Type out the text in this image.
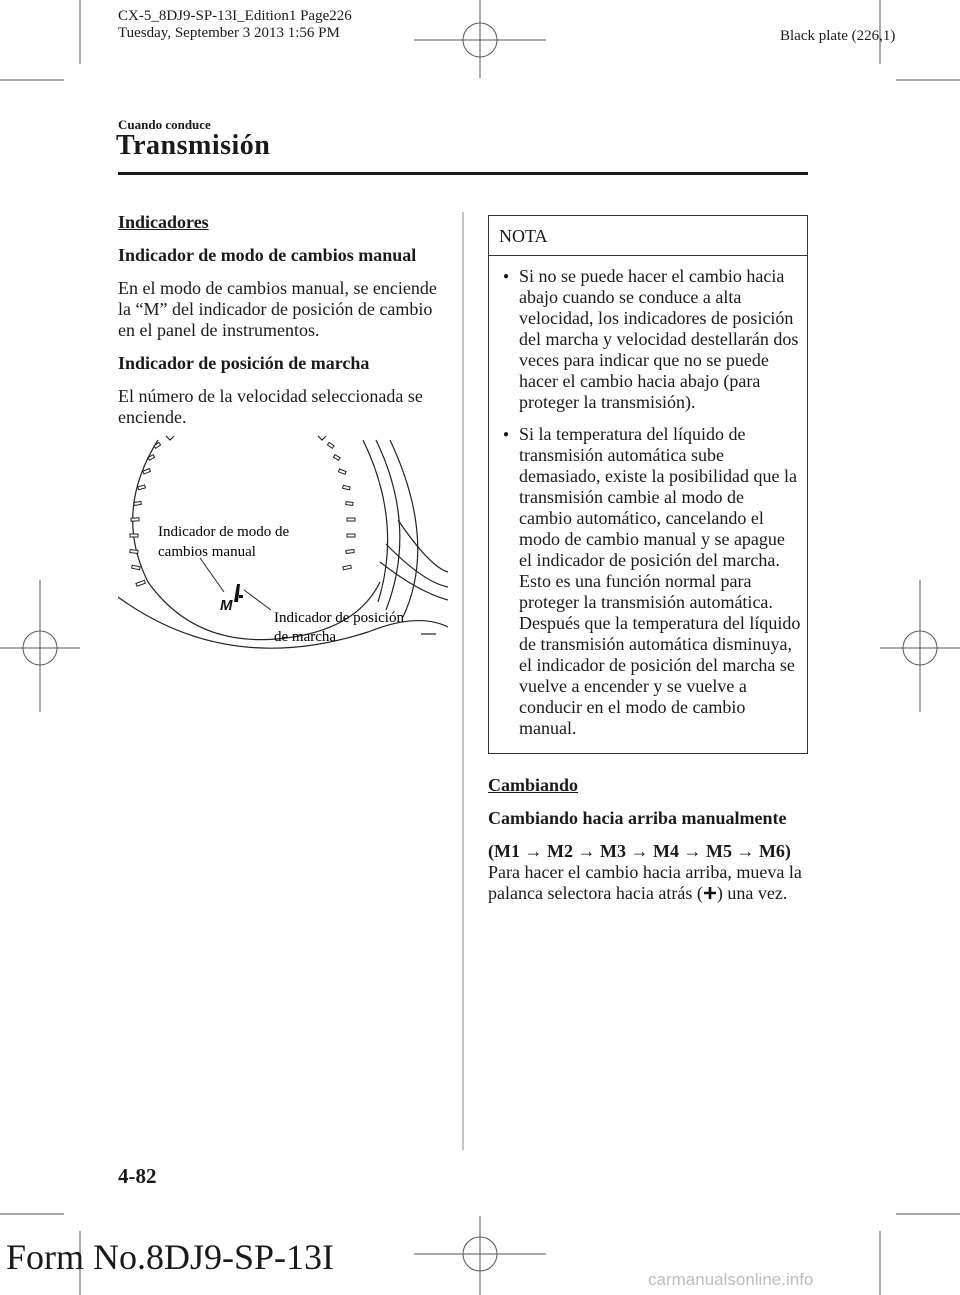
CX-5_8DJ9-SP-13I_Edition1 Page226
Tuesday, September 3 2013 1:56 PM	Black plate (226,1)
Cuando conduce
Transmisión

Indicadores

Indicador de modo de cambios manual

En el modo de cambios manual, se enciende la “M” del indicador de posición de cambio en el panel de instrumentos.

Indicador de posición de marcha

El número de la velocidad seleccionada se enciende.

M
Indicador de modo de
cambios manual
Indicador de posición
de marcha
NOTA
● Si no se puede hacer el cambio hacia abajo cuando se conduce a alta velocidad, los indicadores de posición del marcha y velocidad destellarán dos veces para indicar que no se puede hacer el cambio hacia abajo (para proteger la transmisión).
● Si la temperatura del líquido de transmisión automática sube demasiado, existe la posibilidad que la transmisión cambie al modo de cambio automático, cancelando el modo de cambio manual y se apague el indicador de posición del marcha. Esto es una función normal para proteger la transmisión automática. Después que la temperatura del líquido de transmisión automática disminuya, el indicador de posición del marcha se vuelve a encender y se vuelve a conducir en el modo de cambio manual.

Cambiando

Cambiando hacia arriba manualmente

(M1 → M2 → M3 → M4 → M5 → M6)

Para hacer el cambio hacia arriba, mueva la palanca selectora hacia atrás ( ) una vez.

4-82
Form No.8DJ9-SP-13I
carmanualsonline.info
